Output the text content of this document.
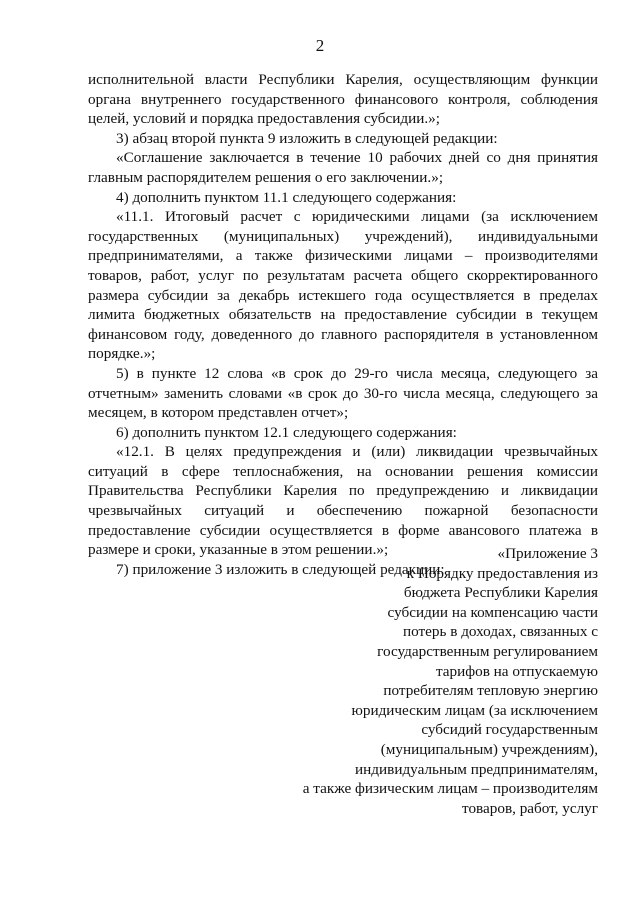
2

исполнительной власти Республики Карелия, осуществляющим функции органа внутреннего государственного финансового контроля, соблюдения целей, условий и порядка предоставления субсидии.»;

3) абзац второй пункта 9 изложить в следующей редакции:

«Соглашение заключается в течение 10 рабочих дней со дня принятия главным распорядителем решения о его заключении.»;

4) дополнить пунктом 11.1 следующего содержания:

«11.1. Итоговый расчет с юридическими лицами (за исключением государственных (муниципальных) учреждений), индивидуальными предпринимателями, а также физическими лицами – производителями товаров, работ, услуг по результатам расчета общего скорректированного размера субсидии за декабрь истекшего года осуществляется в пределах лимита бюджетных обязательств на предоставление субсидии в текущем финансовом году, доведенного до главного распорядителя в установленном порядке.»;

5) в пункте 12 слова «в срок до 29-го числа месяца, следующего за отчетным» заменить словами «в срок до 30-го числа месяца, следующего за месяцем, в котором представлен отчет»;

6) дополнить пунктом 12.1 следующего содержания:

«12.1. В целях предупреждения и (или) ликвидации чрезвычайных ситуаций в сфере теплоснабжения, на основании решения комиссии Правительства Республики Карелия по предупреждению и ликвидации чрезвычайных ситуаций и обеспечению пожарной безопасности предоставление субсидии осуществляется в форме авансового платежа в размере и сроки, указанные в этом решении.»;

7) приложение 3 изложить в следующей редакции:

«Приложение 3
к Порядку предоставления из
бюджета Республики Карелия
субсидии на компенсацию части
потерь в доходах, связанных с
государственным регулированием
тарифов на отпускаемую
потребителям тепловую энергию
юридическим лицам (за исключением
субсидий государственным
(муниципальным) учреждениям),
индивидуальным предпринимателям,
а также физическим лицам – производителям
товаров, работ, услуг
